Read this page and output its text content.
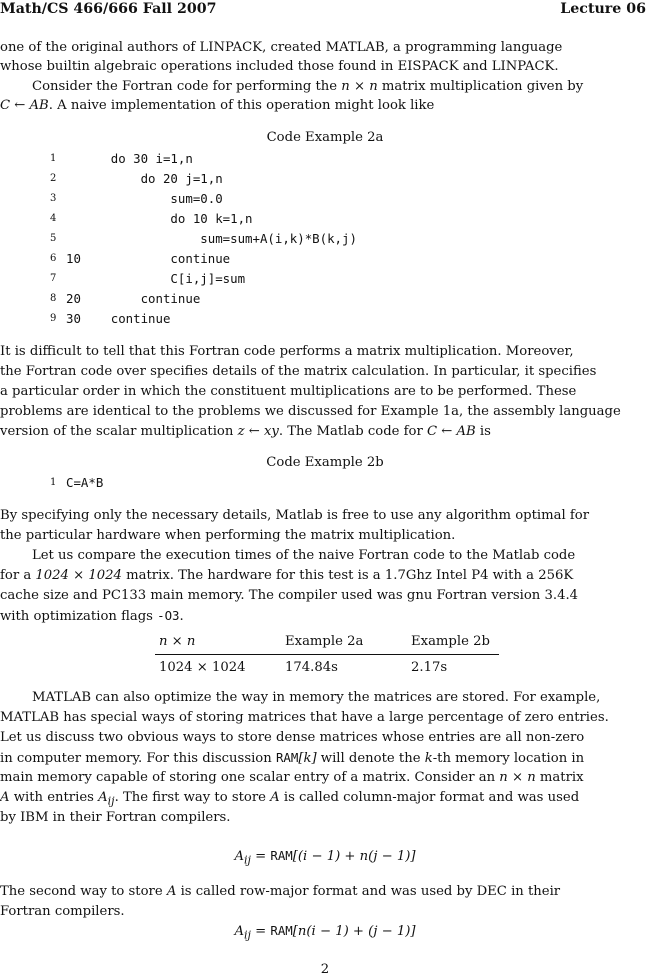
Math/CS 466/666 Fall 2007	Lecture 06
one of the original authors of LINPACK, created MATLAB, a programming language
whose builtin algebraic operations included those found in EISPACK and LINPACK.
Consider the Fortran code for performing the n × n matrix multiplication given by
C ← AB. A naive implementation of this operation might look like
Code Example 2a
1 do 30 i=1,n
2 do 20 j=1,n
3 sum=0.0
4 do 10 k=1,n
5 sum=sum+A(i,k)*B(k,j)
6 10            continue
7 C[i,j]=sum
8 20        continue
9 30    continue
It is difficult to tell that this Fortran code performs a matrix multiplication. Moreover,
the Fortran code over specifies details of the matrix calculation. In particular, it specifies
a particular order in which the constituent multiplications are to be performed. These
problems are identical to the problems we discussed for Example 1a, the assembly language
version of the scalar multiplication z ← xy. The Matlab code for C ← AB is
Code Example 2b
1 C=A*B
By specifying only the necessary details, Matlab is free to use any algorithm optimal for
the particular hardware when performing the matrix multiplication.
Let us compare the execution times of the naive Fortran code to the Matlab code
for a 1024 × 1024 matrix. The hardware for this test is a 1.7Ghz Intel P4 with a 256K
cache size and PC133 main memory. The compiler used was gnu Fortran version 3.4.4
with optimization flags -O3.
n × n	Example 2a	Example 2b
1024 × 1024	174.84s	2.17s
MATLAB can also optimize the way in memory the matrices are stored. For example,
MATLAB has special ways of storing matrices that have a large percentage of zero entries.
Let us discuss two obvious ways to store dense matrices whose entries are all non-zero
in computer memory. For this discussion RAM[k] will denote the k-th memory location in
main memory capable of storing one scalar entry of a matrix. Consider an n × n matrix
A with entries $A_{ij}$. The first way to store A is called column-major format and was used
by IBM in their Fortran compilers.
$A_{ij} = RAM[(i - 1) + n(j - 1)]$
The second way to store A is called row-major format and was used by DEC in their
Fortran compilers.
$A_{ij} = RAM[n(i - 1) + (j - 1)]$
2
